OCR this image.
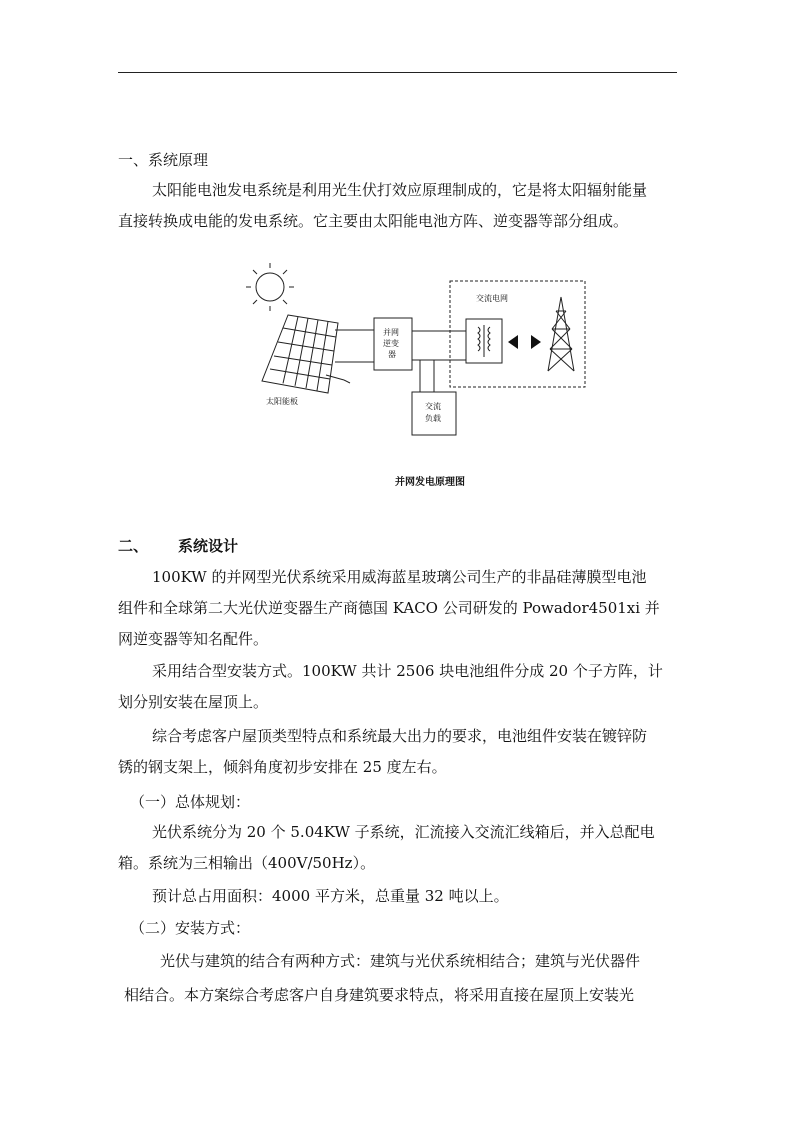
一、系统原理
太阳能电池发电系统是利用光生伏打效应原理制成的，它是将太阳辐射能量
直接转换成电能的发电系统。它主要由太阳能电池方阵、逆变器等部分组成。
交流电网
并网
逆变
器
交流
负载
太阳能板
并网发电原理图
二、 系统设计
100KW 的并网型光伏系统采用威海蓝星玻璃公司生产的非晶硅薄膜型电池
组件和全球第二大光伏逆变器生产商德国 KACO 公司研发的 Powador4501xi 并
网逆变器等知名配件。
采用结合型安装方式。100KW 共计 2506 块电池组件分成 20 个子方阵，计
划分别安装在屋顶上。
综合考虑客户屋顶类型特点和系统最大出力的要求，电池组件安装在镀锌防
锈的钢支架上，倾斜角度初步安排在 25 度左右。
（一）总体规划：
光伏系统分为 20 个 5.04KW 子系统，汇流接入交流汇线箱后，并入总配电
箱。系统为三相输出（400V/50Hz）。
预计总占用面积：4000 平方米，总重量 32 吨以上。
（二）安装方式：
光伏与建筑的结合有两种方式：建筑与光伏系统相结合；建筑与光伏器件
相结合。本方案综合考虑客户自身建筑要求特点，将采用直接在屋顶上安装光
